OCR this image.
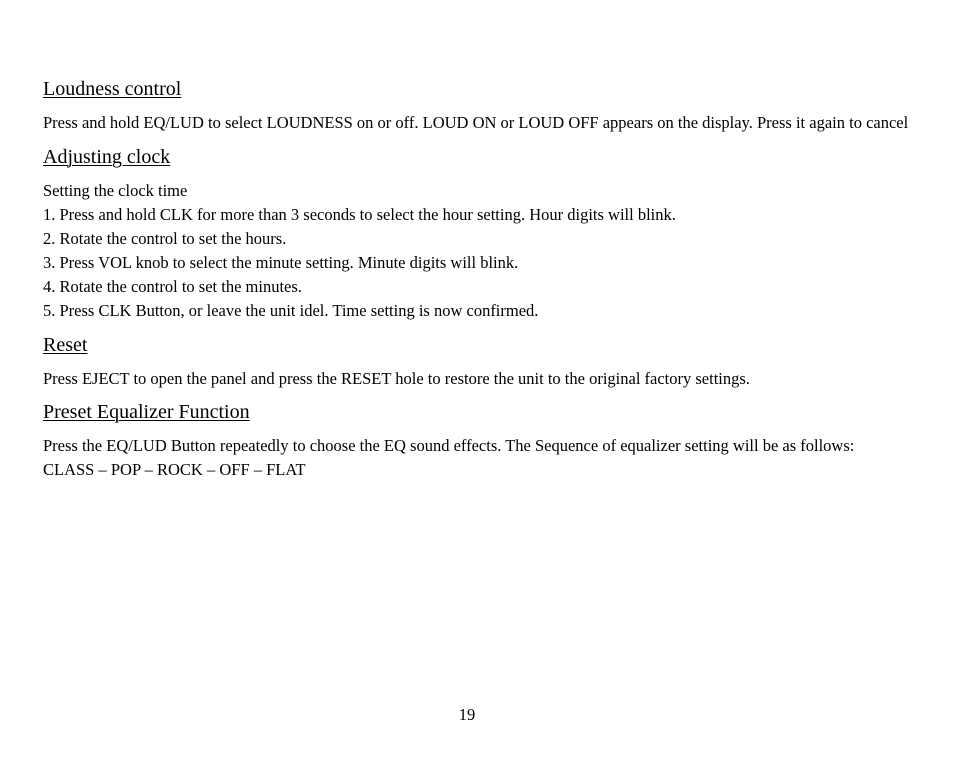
Loudness control

Press and hold EQ/LUD to select LOUDNESS on or off. LOUD ON or LOUD OFF appears on the display. Press it again to cancel

Adjusting clock
Setting the clock time
1. Press and hold CLK for more than 3 seconds to select the hour setting. Hour digits will blink.
2. Rotate the control to set the hours.
3. Press VOL knob to select the minute setting. Minute digits will blink.
4. Rotate the control to set the minutes.
5. Press CLK Button, or leave the unit idel. Time setting is now confirmed.
Reset

Press EJECT to open the panel and press the RESET hole to restore the unit to the original factory settings.

Preset Equalizer Function

Press the EQ/LUD Button repeatedly to choose the EQ sound effects. The Sequence of equalizer setting will be as follows:

CLASS – POP – ROCK – OFF – FLAT
19
